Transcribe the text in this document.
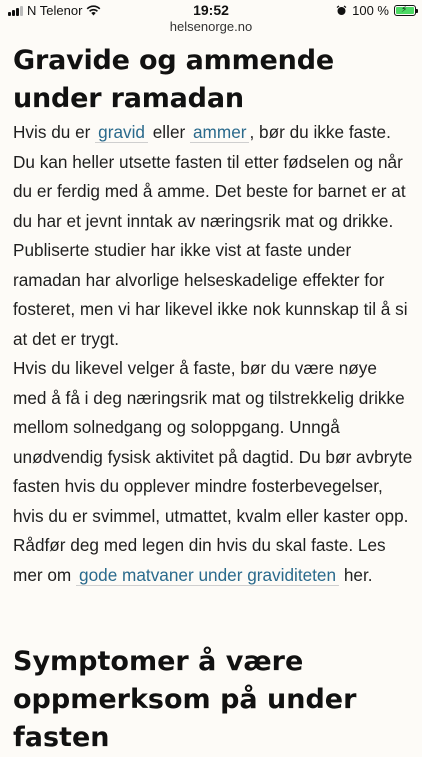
N Telenor	19:52
helsenorge.no
100 %
⚡
Gravide og ammende under ramadan

Hvis du er gravid eller ammer , bør du ikke faste. Du kan heller utsette fasten til etter fødselen og når du er ferdig med å amme. Det beste for barnet er at du har et jevnt inntak av næringsrik mat og drikke. Publiserte studier har ikke vist at faste under ramadan har alvorlige helseskadelige effekter for fosteret, men vi har likevel ikke nok kunnskap til å si at det er trygt.

Hvis du likevel velger å faste, bør du være nøye med å få i deg næringsrik mat og tilstrekkelig drikke mellom solnedgang og soloppgang. Unngå unødvendig fysisk aktivitet på dagtid. Du bør avbryte fasten hvis du opplever mindre fosterbevegelser, hvis du er svimmel, utmattet, kvalm eller kaster opp. Rådfør deg med legen din hvis du skal faste. Les mer om gode matvaner under graviditeten her.

Symptomer å være oppmerksom på under fasten
